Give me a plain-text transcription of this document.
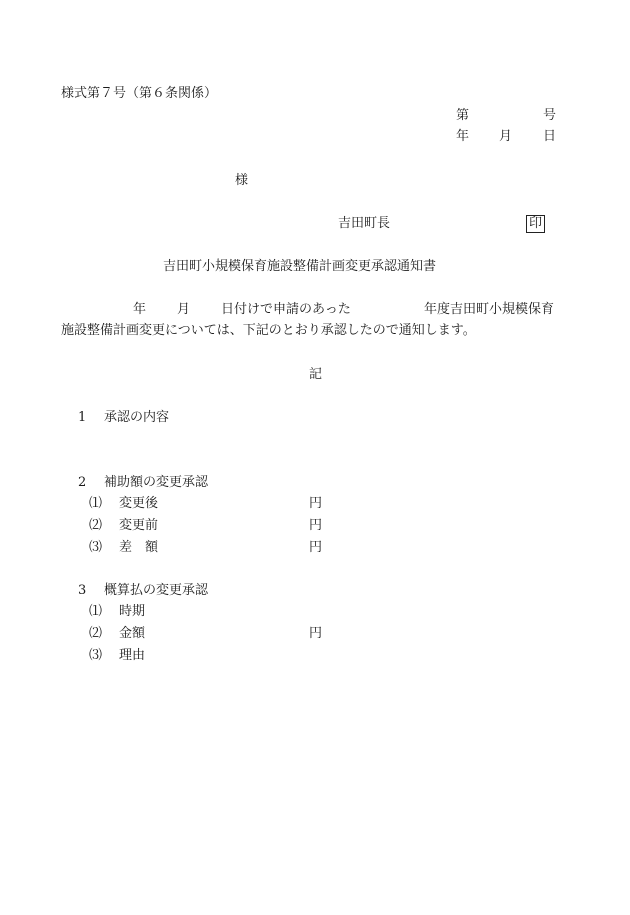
様式第７号（第６条関係）
第	号
年 月 日
様
吉田町長	印
吉田町小規模保育施設整備計画変更承認通知書
年 月 日付けで申請のあった	年度吉田町小規模保育
施設整備計画変更については、下記のとおり承認したので通知します。
記
1 承認の内容
2 補助額の変更承認
⑴ 変更後	円
⑵ 変更前	円
⑶ 差　額	円
3 概算払の変更承認
⑴ 時期
⑵ 金額	円
⑶ 理由
